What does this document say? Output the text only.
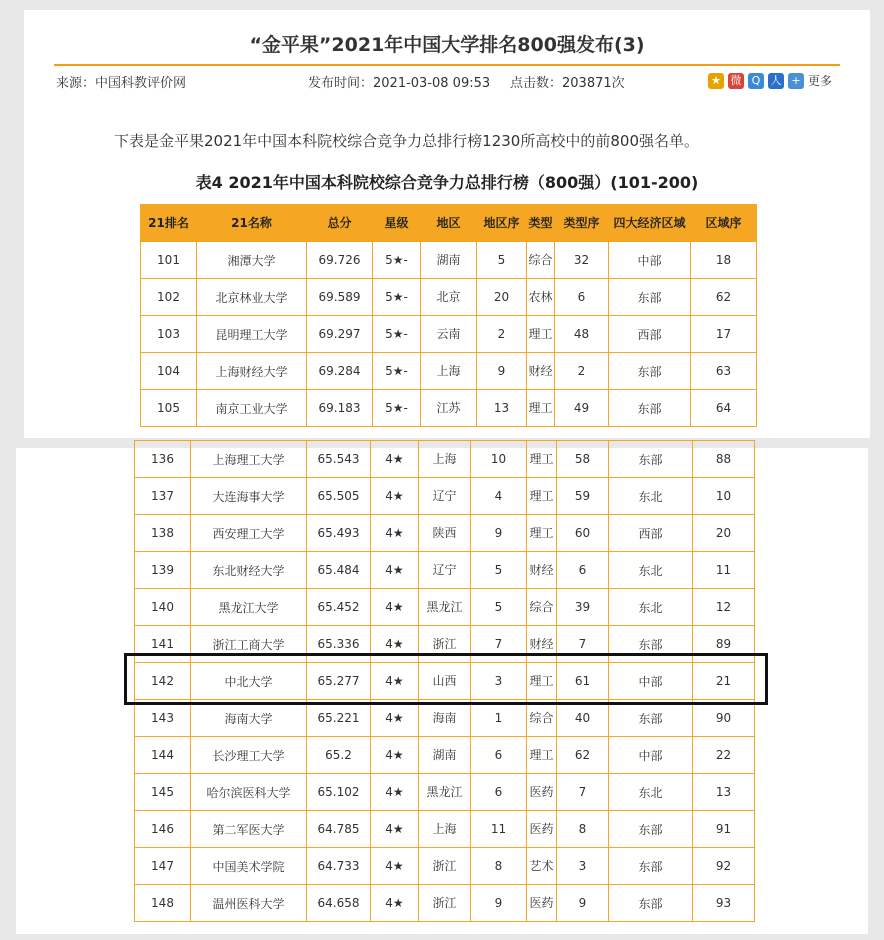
“金平果”2021年中国大学排名800强发布(3)
来源：中国科教评价网	发布时间：2021-03-08 09:53 点击数：203871次	★ 微 Q 人 + 更多
下表是金平果2021年中国本科院校综合竞争力总排行榜1230所高校中的前800强名单。
表4 2021年中国本科院校综合竞争力总排行榜（800强）(101-200)
21排名	21名称	总分	星级	地区	地区序	类型	类型序	四大经济区域	区域序
101	湘潭大学	69.726	5★-	湖南	5	综合	32	中部	18
102	北京林业大学	69.589	5★-	北京	20	农林	6	东部	62
103	昆明理工大学	69.297	5★-	云南	2	理工	48	西部	17
104	上海财经大学	69.284	5★-	上海	9	财经	2	东部	63
105	南京工业大学	69.183	5★-	江苏	13	理工	49	东部	64
136	上海理工大学	65.543	4★	上海	10	理工	58	东部	88
137	大连海事大学	65.505	4★	辽宁	4	理工	59	东北	10
138	西安理工大学	65.493	4★	陕西	9	理工	60	西部	20
139	东北财经大学	65.484	4★	辽宁	5	财经	6	东北	11
140	黑龙江大学	65.452	4★	黑龙江	5	综合	39	东北	12
141	浙江工商大学	65.336	4★	浙江	7	财经	7	东部	89
142	中北大学	65.277	4★	山西	3	理工	61	中部	21
143	海南大学	65.221	4★	海南	1	综合	40	东部	90
144	长沙理工大学	65.2	4★	湖南	6	理工	62	中部	22
145	哈尔滨医科大学	65.102	4★	黑龙江	6	医药	7	东北	13
146	第二军医大学	64.785	4★	上海	11	医药	8	东部	91
147	中国美术学院	64.733	4★	浙江	8	艺术	3	东部	92
148	温州医科大学	64.658	4★	浙江	9	医药	9	东部	93
